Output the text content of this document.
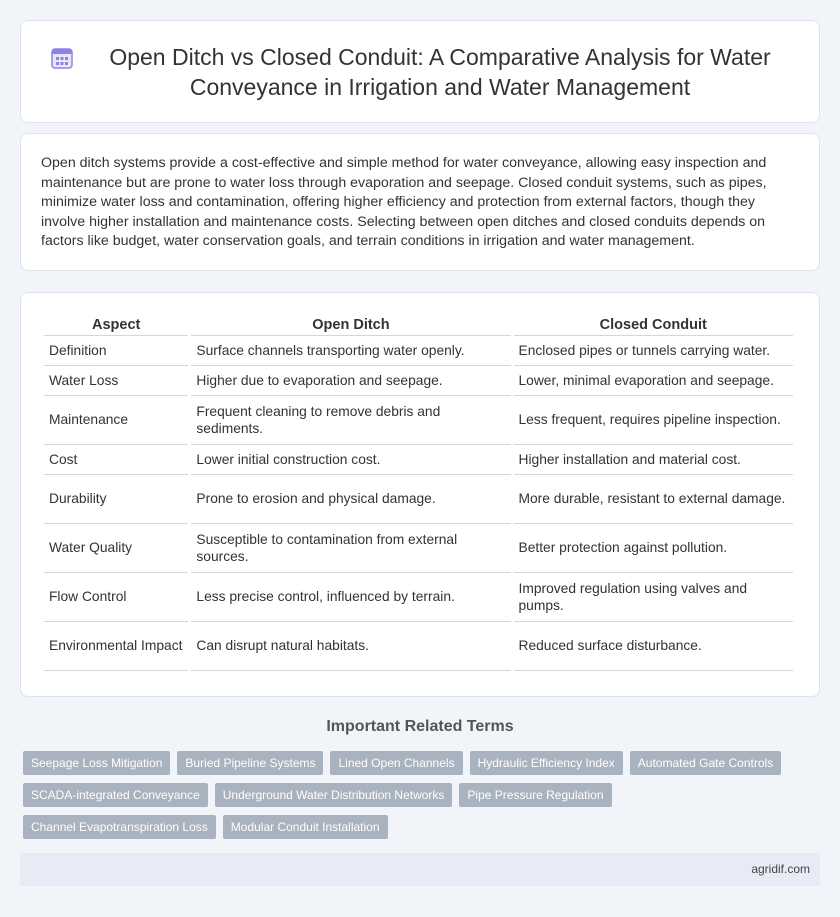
Open Ditch vs Closed Conduit: A Comparative Analysis for Water Conveyance in Irrigation and Water Management

Open ditch systems provide a cost-effective and simple method for water conveyance, allowing easy inspection and maintenance but are prone to water loss through evaporation and seepage. Closed conduit systems, such as pipes, minimize water loss and contamination, offering higher efficiency and protection from external factors, though they involve higher installation and maintenance costs. Selecting between open ditches and closed conduits depends on factors like budget, water conservation goals, and terrain conditions in irrigation and water management.

Aspect	Open Ditch	Closed Conduit
Definition	Surface channels transporting water openly.	Enclosed pipes or tunnels carrying water.
Water Loss	Higher due to evaporation and seepage.	Lower, minimal evaporation and seepage.
Maintenance	Frequent cleaning to remove debris and sediments.	Less frequent, requires pipeline inspection.
Cost	Lower initial construction cost.	Higher installation and material cost.
Durability	Prone to erosion and physical damage.	More durable, resistant to external damage.
Water Quality	Susceptible to contamination from external sources.	Better protection against pollution.
Flow Control	Less precise control, influenced by terrain.	Improved regulation using valves and pumps.
Environmental Impact	Can disrupt natural habitats.	Reduced surface disturbance.
Important Related Terms
Seepage Loss Mitigation	Buried Pipeline Systems	Lined Open Channels	Hydraulic Efficiency Index	Automated Gate Controls
SCADA-integrated Conveyance	Underground Water Distribution Networks	Pipe Pressure Regulation
Channel Evapotranspiration Loss	Modular Conduit Installation
agridif.com
